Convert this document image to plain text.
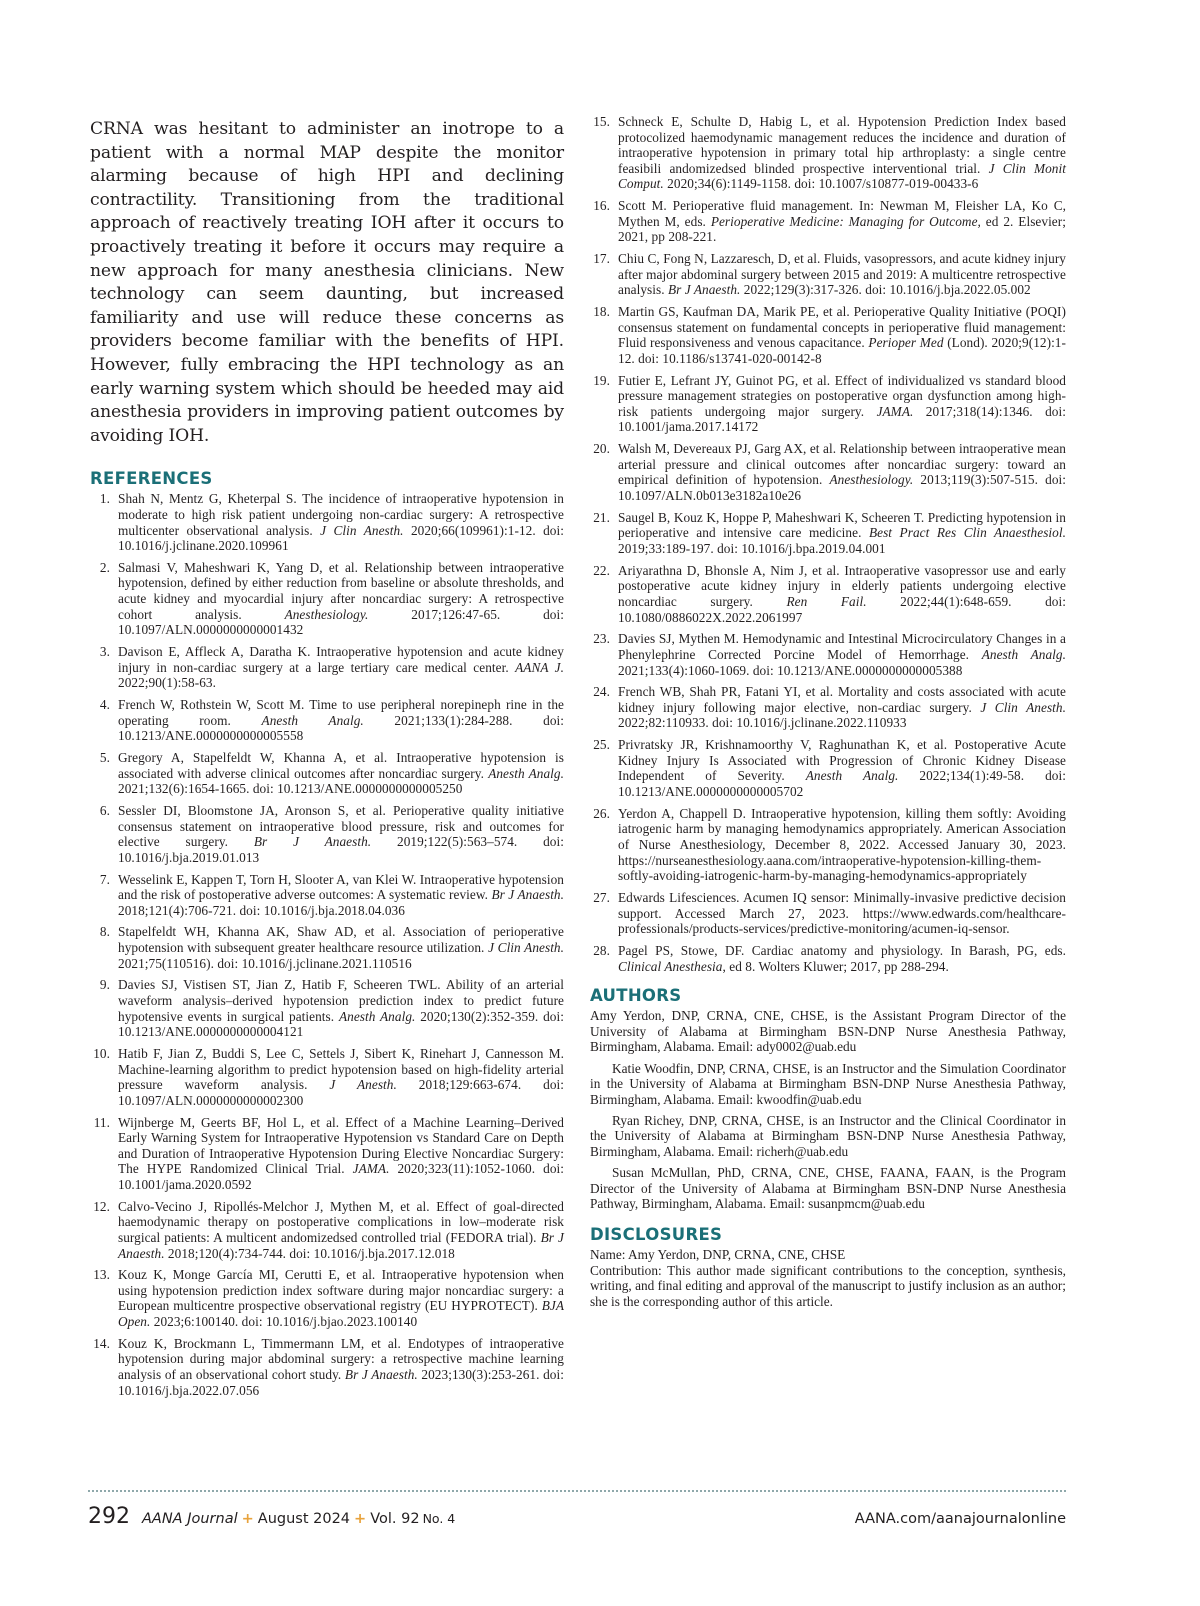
CRNA was hesitant to administer an inotrope to a patient with a normal MAP despite the monitor alarming because of high HPI and declining contractility. Transitioning from the traditional approach of reactively treating IOH after it occurs to proactively treating it before it occurs may require a new approach for many anesthesia clinicians. New technology can seem daunting, but increased familiarity and use will reduce these concerns as providers become familiar with the benefits of HPI. However, fully embracing the HPI technology as an early warning system which should be heeded may aid anesthesia providers in improving patient outcomes by avoiding IOH.

REFERENCES
1. Shah N, Mentz G, Kheterpal S. The incidence of intraoperative hypotension in moderate to high risk patient undergoing non-cardiac surgery: A retrospective multicenter observational analysis. J Clin Anesth. 2020;66(109961):1-12. doi: 10.1016/j.jclinane.2020.109961
2. Salmasi V, Maheshwari K, Yang D, et al. Relationship between intraoperative hypotension, defined by either reduction from baseline or absolute thresholds, and acute kidney and myocardial injury after noncardiac surgery: A retrospective cohort analysis. Anesthesiology. 2017;126:47-65. doi: 10.1097/ALN.0000000000001432
3. Davison E, Affleck A, Daratha K. Intraoperative hypotension and acute kidney injury in non-cardiac surgery at a large tertiary care medical center. AANA J. 2022;90(1):58-63.
4. French W, Rothstein W, Scott M. Time to use peripheral norepineph rine in the operating room. Anesth Analg. 2021;133(1):284-288. doi: 10.1213/ANE.0000000000005558
5. Gregory A, Stapelfeldt W, Khanna A, et al. Intraoperative hypotension is associated with adverse clinical outcomes after noncardiac surgery. Anesth Analg. 2021;132(6):1654-1665. doi: 10.1213/ANE.0000000000005250
6. Sessler DI, Bloomstone JA, Aronson S, et al. Perioperative quality initiative consensus statement on intraoperative blood pressure, risk and outcomes for elective surgery. Br J Anaesth. 2019;122(5):563–574. doi: 10.1016/j.bja.2019.01.013
7. Wesselink E, Kappen T, Torn H, Slooter A, van Klei W. Intraoperative hypotension and the risk of postoperative adverse outcomes: A systematic review. Br J Anaesth. 2018;121(4):706-721. doi: 10.1016/j.bja.2018.04.036
8. Stapelfeldt WH, Khanna AK, Shaw AD, et al. Association of perioperative hypotension with subsequent greater healthcare resource utilization. J Clin Anesth. 2021;75(110516). doi: 10.1016/j.jclinane.2021.110516
9. Davies SJ, Vistisen ST, Jian Z, Hatib F, Scheeren TWL. Ability of an arterial waveform analysis–derived hypotension prediction index to predict future hypotensive events in surgical patients. Anesth Analg. 2020;130(2):352-359. doi: 10.1213/ANE.0000000000004121
10. Hatib F, Jian Z, Buddi S, Lee C, Settels J, Sibert K, Rinehart J, Cannesson M. Machine-learning algorithm to predict hypotension based on high-fidelity arterial pressure waveform analysis. J Anesth. 2018;129:663-674. doi: 10.1097/ALN.0000000000002300
11. Wijnberge M, Geerts BF, Hol L, et al. Effect of a Machine Learning–Derived Early Warning System for Intraoperative Hypotension vs Standard Care on Depth and Duration of Intraoperative Hypotension During Elective Noncardiac Surgery: The HYPE Randomized Clinical Trial. JAMA. 2020;323(11):1052-1060. doi: 10.1001/jama.2020.0592
12. Calvo-Vecino J, Ripollés-Melchor J, Mythen M, et al. Effect of goal-directed haemodynamic therapy on postoperative complications in low–moderate risk surgical patients: A multicent andomizedsed controlled trial (FEDORA trial). Br J Anaesth. 2018;120(4):734-744. doi: 10.1016/j.bja.2017.12.018
13. Kouz K, Monge García MI, Cerutti E, et al. Intraoperative hypotension when using hypotension prediction index software during major noncardiac surgery: a European multicentre prospective observational registry (EU HYPROTECT). BJA Open. 2023;6:100140. doi: 10.1016/j.bjao.2023.100140
14. Kouz K, Brockmann L, Timmermann LM, et al. Endotypes of intraoperative hypotension during major abdominal surgery: a retrospective machine learning analysis of an observational cohort study. Br J Anaesth. 2023;130(3):253-261. doi: 10.1016/j.bja.2022.07.056
15. Schneck E, Schulte D, Habig L, et al. Hypotension Prediction Index based protocolized haemodynamic management reduces the incidence and duration of intraoperative hypotension in primary total hip arthroplasty: a single centre feasibili andomizedsed blinded prospective interventional trial. J Clin Monit Comput. 2020;34(6):1149-1158. doi: 10.1007/s10877-019-00433-6
16. Scott M. Perioperative fluid management. In: Newman M, Fleisher LA, Ko C, Mythen M, eds. Perioperative Medicine: Managing for Outcome, ed 2. Elsevier; 2021, pp 208-221.
17. Chiu C, Fong N, Lazzaresch, D, et al. Fluids, vasopressors, and acute kidney injury after major abdominal surgery between 2015 and 2019: A multicentre retrospective analysis. Br J Anaesth. 2022;129(3):317-326. doi: 10.1016/j.bja.2022.05.002
18. Martin GS, Kaufman DA, Marik PE, et al. Perioperative Quality Initiative (POQI) consensus statement on fundamental concepts in perioperative fluid management: Fluid responsiveness and venous capacitance. Perioper Med (Lond). 2020;9(12):1-12. doi: 10.1186/s13741-020-00142-8
19. Futier E, Lefrant JY, Guinot PG, et al. Effect of individualized vs standard blood pressure management strategies on postoperative organ dysfunction among high-risk patients undergoing major surgery. JAMA. 2017;318(14):1346. doi: 10.1001/jama.2017.14172
20. Walsh M, Devereaux PJ, Garg AX, et al. Relationship between intraoperative mean arterial pressure and clinical outcomes after noncardiac surgery: toward an empirical definition of hypotension. Anesthesiology. 2013;119(3):507-515. doi: 10.1097/ALN.0b013e3182a10e26
21. Saugel B, Kouz K, Hoppe P, Maheshwari K, Scheeren T. Predicting hypotension in perioperative and intensive care medicine. Best Pract Res Clin Anaesthesiol. 2019;33:189-197. doi: 10.1016/j.bpa.2019.04.001
22. Ariyarathna D, Bhonsle A, Nim J, et al. Intraoperative vasopressor use and early postoperative acute kidney injury in elderly patients undergoing elective noncardiac surgery. Ren Fail. 2022;44(1):648-659. doi: 10.1080/0886022X.2022.2061997
23. Davies SJ, Mythen M. Hemodynamic and Intestinal Microcirculatory Changes in a Phenylephrine Corrected Porcine Model of Hemorrhage. Anesth Analg. 2021;133(4):1060-1069. doi: 10.1213/ANE.0000000000005388
24. French WB, Shah PR, Fatani YI, et al. Mortality and costs associated with acute kidney injury following major elective, non-cardiac surgery. J Clin Anesth. 2022;82:110933. doi: 10.1016/j.jclinane.2022.110933
25. Privratsky JR, Krishnamoorthy V, Raghunathan K, et al. Postoperative Acute Kidney Injury Is Associated with Progression of Chronic Kidney Disease Independent of Severity. Anesth Analg. 2022;134(1):49-58. doi: 10.1213/ANE.0000000000005702
26. Yerdon A, Chappell D. Intraoperative hypotension, killing them softly: Avoiding iatrogenic harm by managing hemodynamics appropriately. American Association of Nurse Anesthesiology, December 8, 2022. Accessed January 30, 2023. https://nurseanesthesiology.aana.com/intraoperative-hypotension-killing-them-softly-avoiding-iatrogenic-harm-by-managing-hemodynamics-appropriately
27. Edwards Lifesciences. Acumen IQ sensor: Minimally-invasive predictive decision support. Accessed March 27, 2023. https://www.edwards.com/healthcare-professionals/products-services/predictive-monitoring/acumen-iq-sensor.
28. Pagel PS, Stowe, DF. Cardiac anatomy and physiology. In Barash, PG, eds. Clinical Anesthesia, ed 8. Wolters Kluwer; 2017, pp 288-294.
AUTHORS

Amy Yerdon, DNP, CRNA, CNE, CHSE, is the Assistant Program Director of the University of Alabama at Birmingham BSN-DNP Nurse Anesthesia Pathway, Birmingham, Alabama. Email: ady0002@uab.edu

Katie Woodfin, DNP, CRNA, CHSE, is an Instructor and the Simulation Coordinator in the University of Alabama at Birmingham BSN-DNP Nurse Anesthesia Pathway, Birmingham, Alabama. Email: kwoodfin@uab.edu

Ryan Richey, DNP, CRNA, CHSE, is an Instructor and the Clinical Coordinator in the University of Alabama at Birmingham BSN-DNP Nurse Anesthesia Pathway, Birmingham, Alabama. Email: richerh@uab.edu

Susan McMullan, PhD, CRNA, CNE, CHSE, FAANA, FAAN, is the Program Director of the University of Alabama at Birmingham BSN-DNP Nurse Anesthesia Pathway, Birmingham, Alabama. Email: susanpmcm@uab.edu

DISCLOSURES

Name: Amy Yerdon, DNP, CRNA, CNE, CHSE

Contribution: This author made significant contributions to the conception, synthesis, writing, and final editing and approval of the manuscript to justify inclusion as an author; she is the corresponding author of this article.

292 AANA Journal + August 2024 + Vol. 92 No. 4	AANA.com/aanajournalonline
